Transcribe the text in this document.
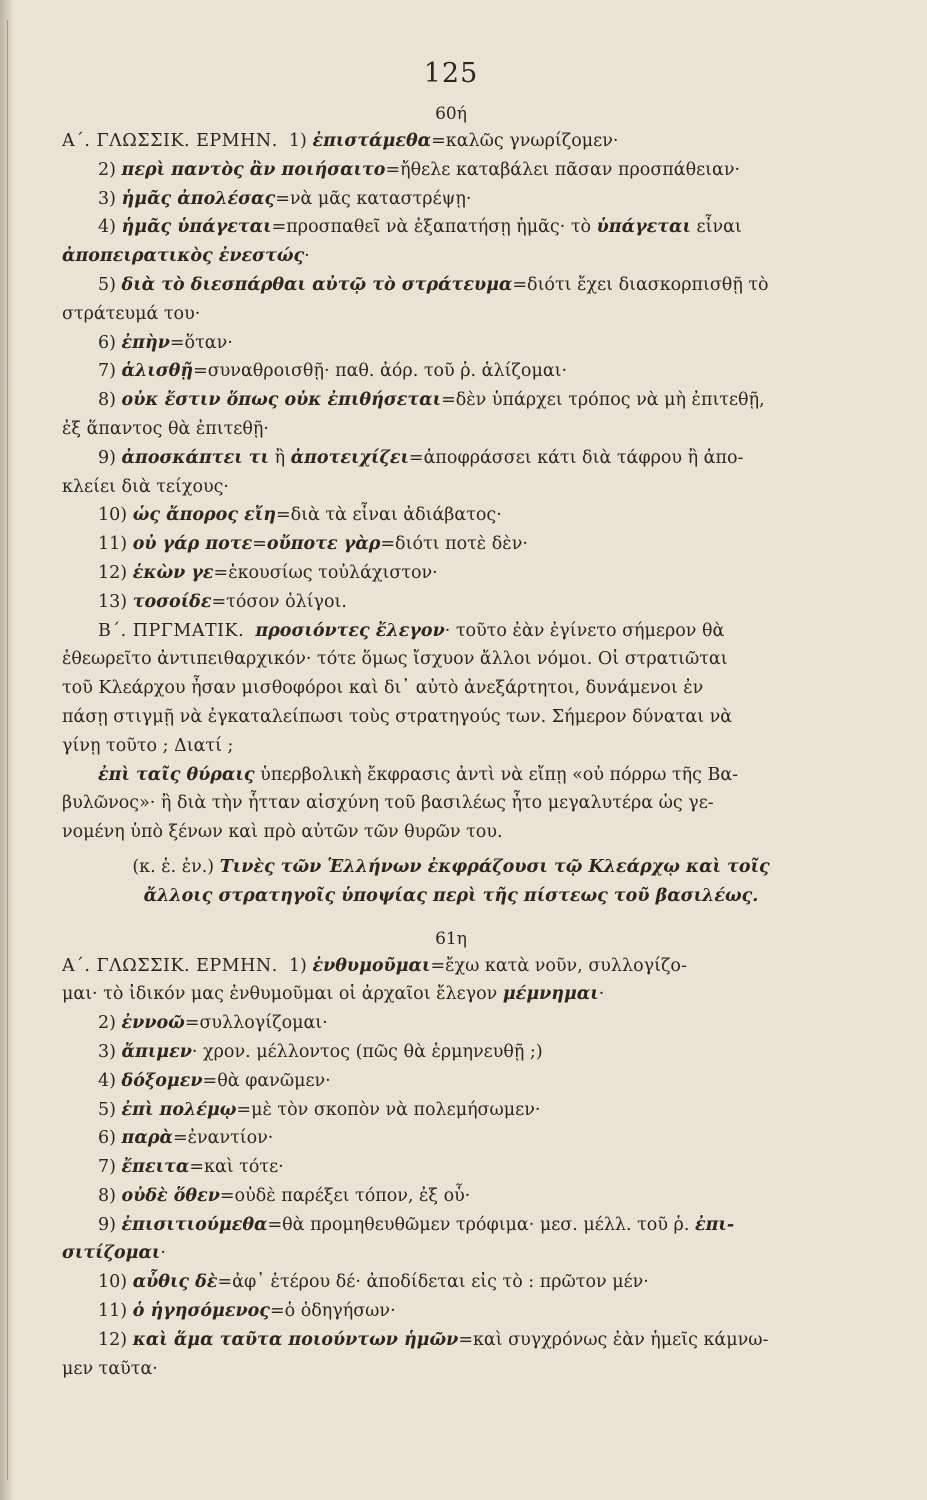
125
60ή
Α΄. ΓΛΩΣΣΙΚ. ΕΡΜΗΝ. 1) ἐπιστάμεθα=καλῶς γνωρίζομεν·
2) περὶ παντὸς ἂν ποιήσαιτο=ἤθελε καταβάλει πᾶσαν προσπάθειαν·
3) ἡμᾶς ἀπολέσας=νὰ μᾶς καταστρέψῃ·
4) ἡμᾶς ὑπάγεται=προσπαθεῖ νὰ ἐξαπατήσῃ ἡμᾶς· τὸ ὑπάγεται εἶναι
ἀποπειρατικὸς ἐνεστώς·
5) διὰ τὸ διεσπάρθαι αὐτῷ τὸ στράτευμα=διότι ἔχει διασκορπισθῇ τὸ
στράτευμά του·
6) ἐπὴν=ὅταν·
7) ἁλισθῇ=συναθροισθῇ· παθ. ἀόρ. τοῦ ῥ. ἁλίζομαι·
8) οὐκ ἔστιν ὅπως οὐκ ἐπιθήσεται=δὲν ὑπάρχει τρόπος νὰ μὴ ἐπιτεθῇ,
ἐξ ἅπαντος θὰ ἐπιτεθῇ·
9) ἀποσκάπτει τι ἢ ἀποτειχίζει=ἀποφράσσει κάτι διὰ τάφρου ἢ ἀπο-
κλείει διὰ τείχους·
10) ὡς ἄπορος εἴη=διὰ τὰ εἶναι ἀδιάβατος·
11) οὐ γάρ ποτε=οὔποτε γὰρ=διότι ποτὲ δὲν·
12) ἑκὼν γε=ἑκουσίως τοὐλάχιστον·
13) τοσοίδε=τόσον ὀλίγοι.
Β΄. ΠΡΓΜΑΤΙΚ. προσιόντες ἔλεγον· τοῦτο ἐὰν ἐγίνετο σήμερον θὰ
ἐθεωρεῖτο ἀντιπειθαρχικόν· τότε ὅμως ἴσχυον ἄλλοι νόμοι. Οἱ στρατιῶται
τοῦ Κλεάρχου ἦσαν μισθοφόροι καὶ δι᾽ αὐτὸ ἀνεξάρτητοι, δυνάμενοι ἐν
πάσῃ στιγμῇ νὰ ἐγκαταλείπωσι τοὺς στρατηγούς των. Σήμερον δύναται νὰ
γίνῃ τοῦτο ; Διατί ;
ἐπὶ ταῖς θύραις ὑπερβολικὴ ἔκφρασις ἀντὶ νὰ εἴπῃ «οὐ πόρρω τῆς Βα-
βυλῶνος»· ἢ διὰ τὴν ἧτταν αἰσχύνη τοῦ βασιλέως ἦτο μεγαλυτέρα ὡς γε-
νομένη ὑπὸ ξένων καὶ πρὸ αὐτῶν τῶν θυρῶν του.
(κ. ἑ. ἐν.) Τινὲς τῶν Ἑλλήνων ἐκφράζουσι τῷ Κλεάρχῳ καὶ τοῖς
ἄλλοις στρατηγοῖς ὑποψίας περὶ τῆς πίστεως τοῦ βασιλέως.
61η
Α΄. ΓΛΩΣΣΙΚ. ΕΡΜΗΝ. 1) ἐνθυμοῦμαι=ἔχω κατὰ νοῦν, συλλογίζο-
μαι· τὸ ἰδικόν μας ἐνθυμοῦμαι οἱ ἀρχαῖοι ἔλεγον μέμνημαι·
2) ἐννοῶ=συλλογίζομαι·
3) ἄπιμεν· χρον. μέλλοντος (πῶς θὰ ἑρμηνευθῇ ;)
4) δόξομεν=θὰ φανῶμεν·
5) ἐπὶ πολέμῳ=μὲ τὸν σκοπὸν νὰ πολεμήσωμεν·
6) παρὰ=ἐναντίον·
7) ἔπειτα=καὶ τότε·
8) οὐδὲ ὅθεν=οὐδὲ παρέξει τόπον, ἐξ οὗ·
9) ἐπισιτιούμεθα=θὰ προμηθευθῶμεν τρόφιμα· μεσ. μέλλ. τοῦ ῥ. ἐπι-
σιτίζομαι·
10) αὖθις δὲ=ἀφ᾽ ἑτέρου δέ· ἀποδίδεται εἰς τὸ : πρῶτον μέν·
11) ὁ ἡγησόμενος=ὁ ὁδηγήσων·
12) καὶ ἅμα ταῦτα ποιούντων ἡμῶν=καὶ συγχρόνως ἐὰν ἡμεῖς κάμνω-
μεν ταῦτα·
